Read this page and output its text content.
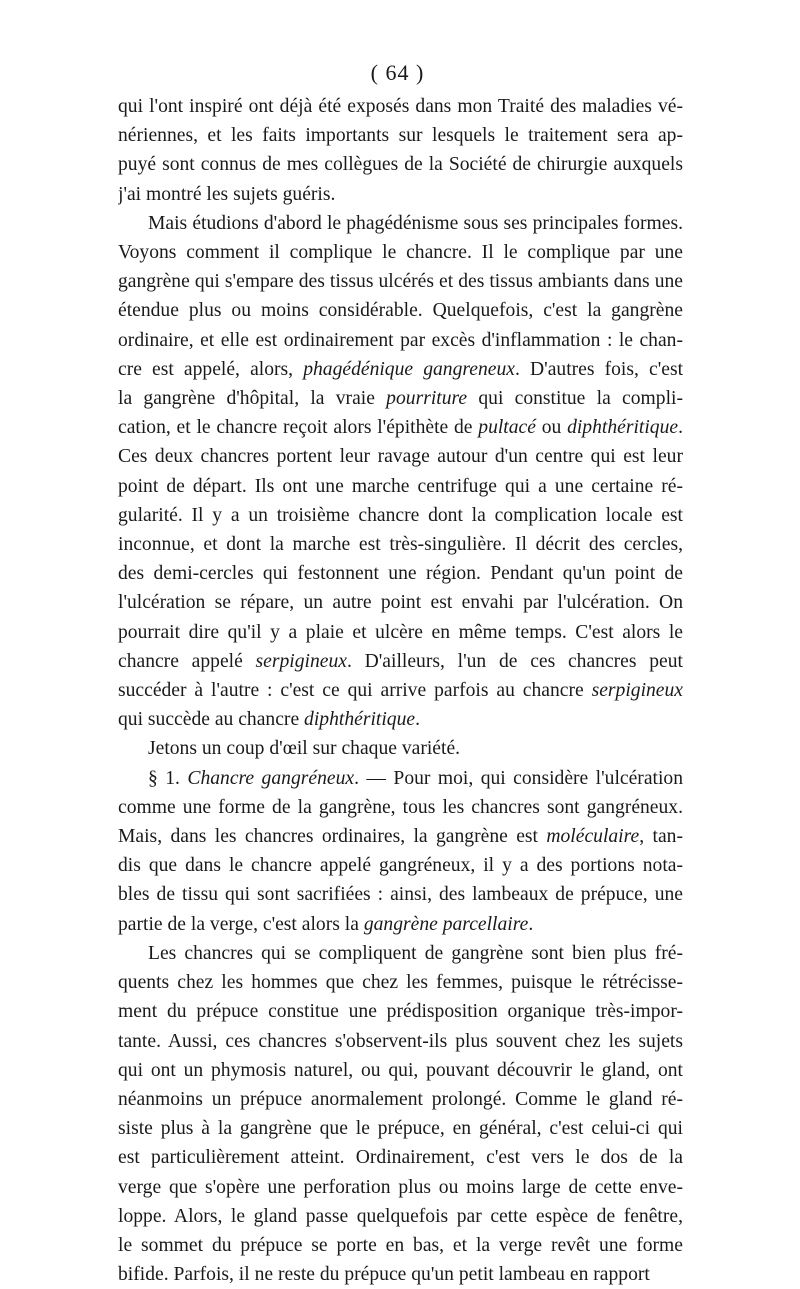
( 64 )
qui l'ont inspiré ont déjà été exposés dans mon Traité des maladies vé-
nériennes, et les faits importants sur lesquels le traitement sera ap-
puyé sont connus de mes collègues de la Société de chirurgie auxquels
j'ai montré les sujets guéris.
Mais étudions d'abord le phagédénisme sous ses principales formes.
Voyons comment il complique le chancre. Il le complique par une
gangrène qui s'empare des tissus ulcérés et des tissus ambiants dans une
étendue plus ou moins considérable. Quelquefois, c'est la gangrène
ordinaire, et elle est ordinairement par excès d'inflammation : le chan-
cre est appelé, alors, phagédénique gangreneux. D'autres fois, c'est
la gangrène d'hôpital, la vraie pourriture qui constitue la compli-
cation, et le chancre reçoit alors l'épithète de pultacé ou diphthéritique.
Ces deux chancres portent leur ravage autour d'un centre qui est leur
point de départ. Ils ont une marche centrifuge qui a une certaine ré-
gularité. Il y a un troisième chancre dont la complication locale est
inconnue, et dont la marche est très-singulière. Il décrit des cercles,
des demi-cercles qui festonnent une région. Pendant qu'un point de
l'ulcération se répare, un autre point est envahi par l'ulcération. On
pourrait dire qu'il y a plaie et ulcère en même temps. C'est alors le
chancre appelé serpigineux. D'ailleurs, l'un de ces chancres peut
succéder à l'autre : c'est ce qui arrive parfois au chancre serpigineux
qui succède au chancre diphthéritique.
Jetons un coup d'œil sur chaque variété.
§ 1. Chancre gangréneux. — Pour moi, qui considère l'ulcération
comme une forme de la gangrène, tous les chancres sont gangréneux.
Mais, dans les chancres ordinaires, la gangrène est moléculaire, tan-
dis que dans le chancre appelé gangréneux, il y a des portions nota-
bles de tissu qui sont sacrifiées : ainsi, des lambeaux de prépuce, une
partie de la verge, c'est alors la gangrène parcellaire.
Les chancres qui se compliquent de gangrène sont bien plus fré-
quents chez les hommes que chez les femmes, puisque le rétrécisse-
ment du prépuce constitue une prédisposition organique très-impor-
tante. Aussi, ces chancres s'observent-ils plus souvent chez les sujets
qui ont un phymosis naturel, ou qui, pouvant découvrir le gland, ont
néanmoins un prépuce anormalement prolongé. Comme le gland ré-
siste plus à la gangrène que le prépuce, en général, c'est celui-ci qui
est particulièrement atteint. Ordinairement, c'est vers le dos de la
verge que s'opère une perforation plus ou moins large de cette enve-
loppe. Alors, le gland passe quelquefois par cette espèce de fenêtre,
le sommet du prépuce se porte en bas, et la verge revêt une forme
bifide. Parfois, il ne reste du prépuce qu'un petit lambeau en rapport
